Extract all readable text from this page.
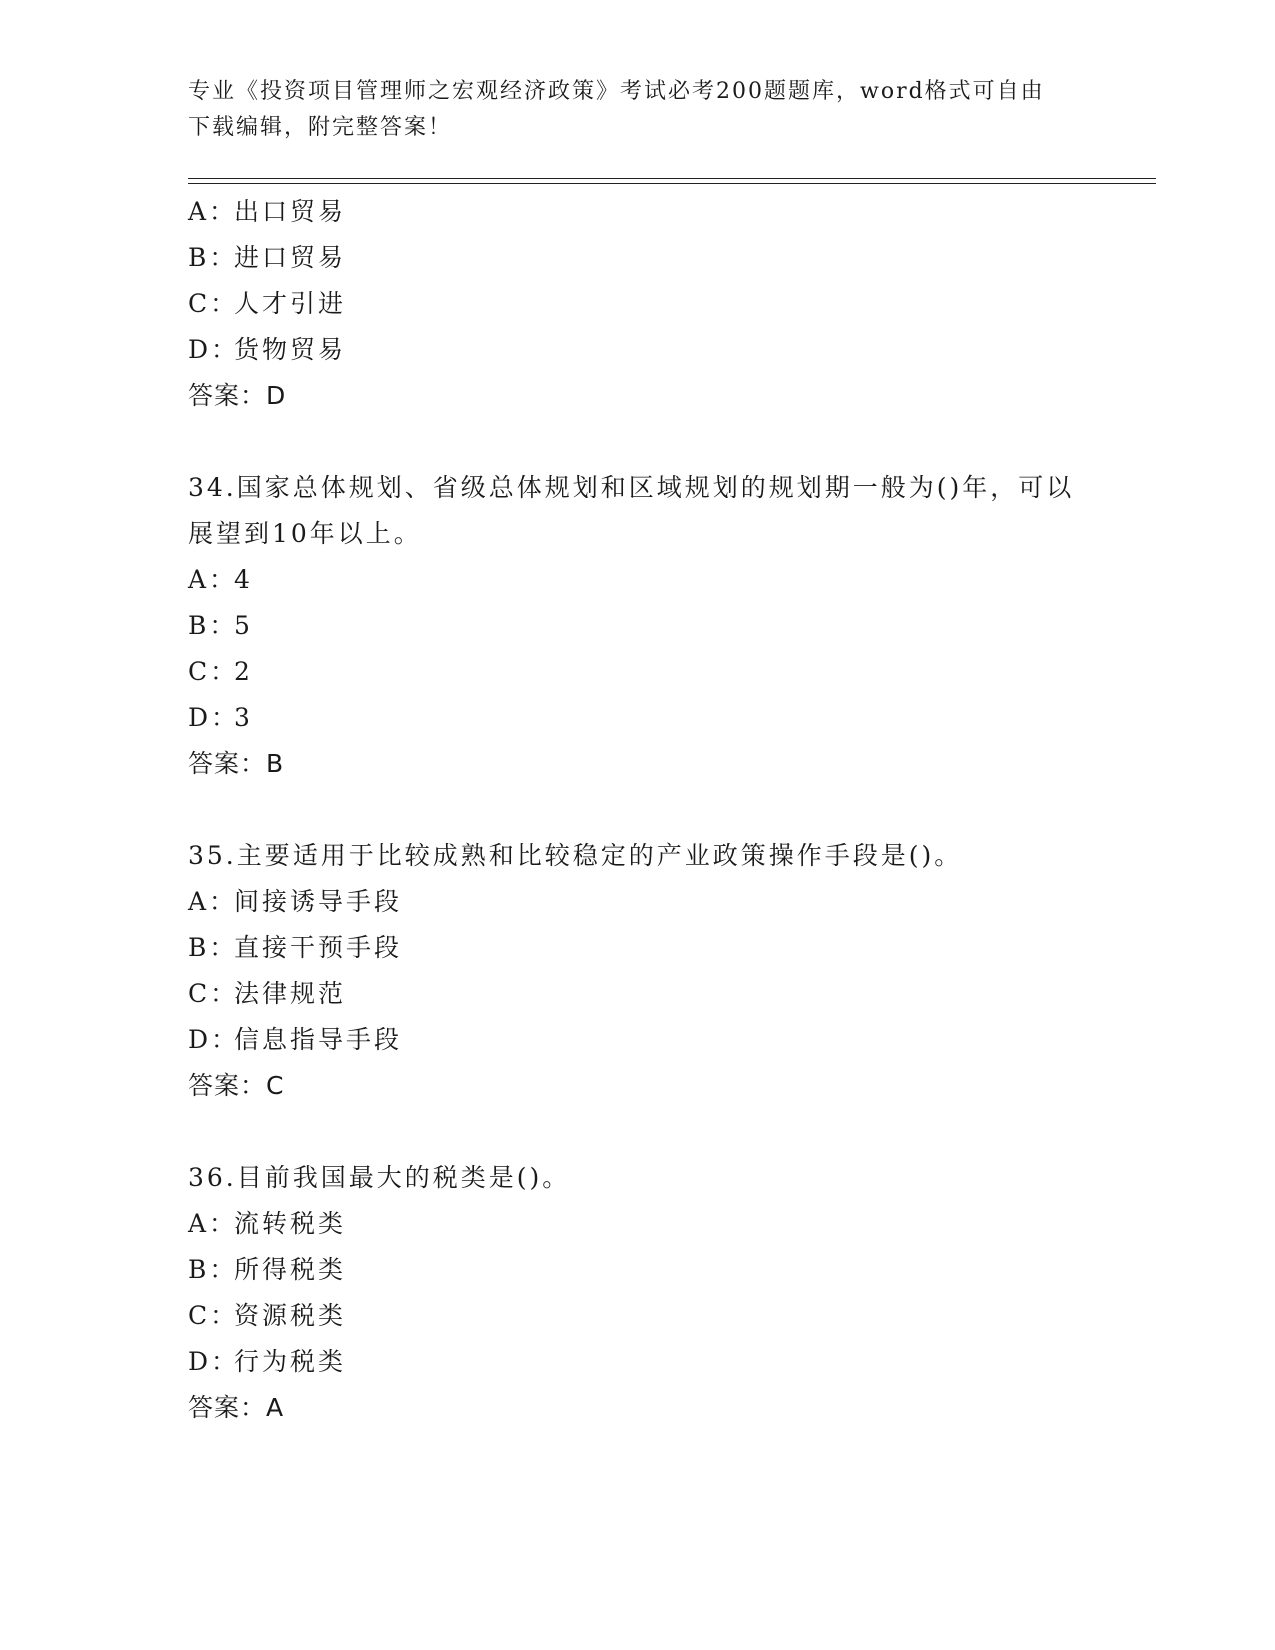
专业《投资项目管理师之宏观经济政策》考试必考200题题库，word格式可自由下载编辑，附完整答案！
A：出口贸易
B：进口贸易
C：人才引进
D：货物贸易
答案：D
34.国家总体规划、省级总体规划和区域规划的规划期一般为()年，可以展望到10年以上。
A：4
B：5
C：2
D：3
答案：B
35.主要适用于比较成熟和比较稳定的产业政策操作手段是()。
A：间接诱导手段
B：直接干预手段
C：法律规范
D：信息指导手段
答案：C
36.目前我国最大的税类是()。
A：流转税类
B：所得税类
C：资源税类
D：行为税类
答案：A
